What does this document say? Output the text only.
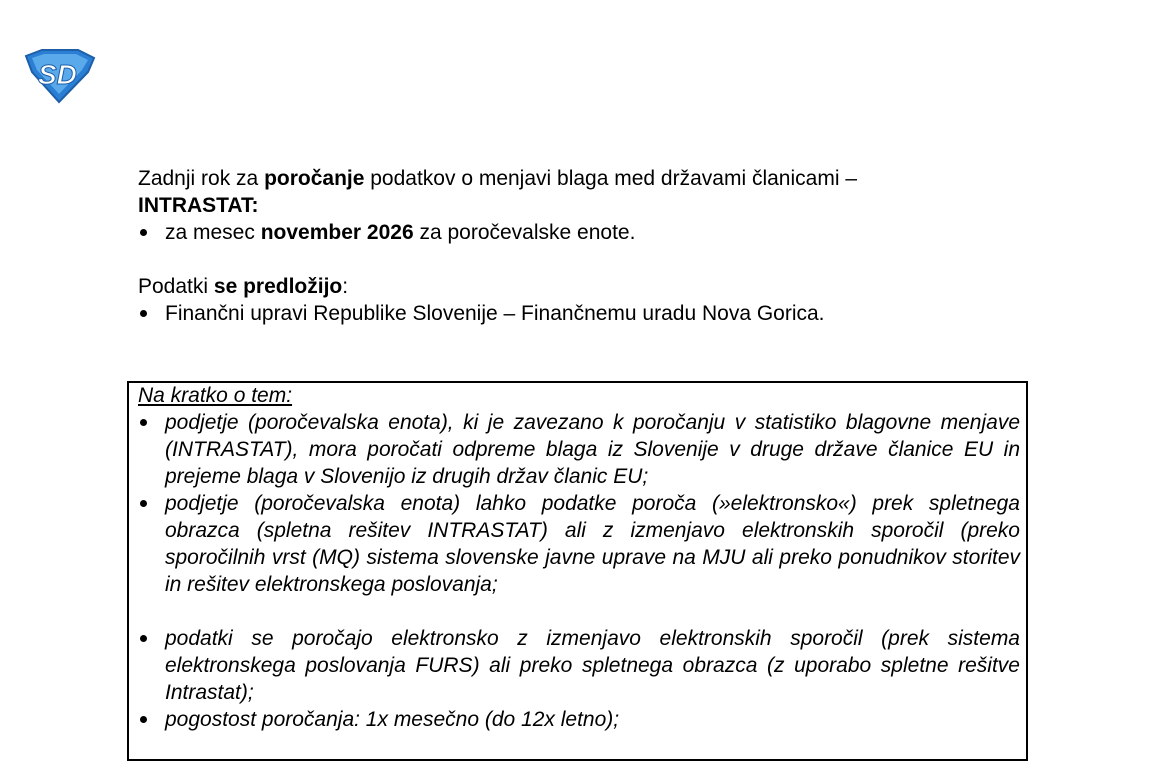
SD

Zadnji rok za poročanje podatkov o menjavi blaga med državami članicami –
INTRASTAT:

za mesec november 2026 za poročevalske enote.

Podatki se predložijo:

Finančni upravi Republike Slovenije – Finančnemu uradu Nova Gorica.

Na kratko o tem:

podjetje (poročevalska enota), ki je zavezano k poročanju v statistiko blagovne menjave (INTRASTAT), mora poročati odpreme blaga iz Slovenije v druge države članice EU in prejeme blaga v Slovenijo iz drugih držav članic EU;
podjetje (poročevalska enota) lahko podatke poroča (»elektronsko«) prek spletnega obrazca (spletna rešitev INTRASTAT) ali z izmenjavo elektronskih sporočil (preko sporočilnih vrst (MQ) sistema slovenske javne uprave na MJU ali preko ponudnikov storitev in rešitev elektronskega poslovanja;
podatki se poročajo elektronsko z izmenjavo elektronskih sporočil (prek sistema elektronskega poslovanja FURS) ali preko spletnega obrazca (z uporabo spletne rešitve Intrastat);
pogostost poročanja: 1x mesečno (do 12x letno);
